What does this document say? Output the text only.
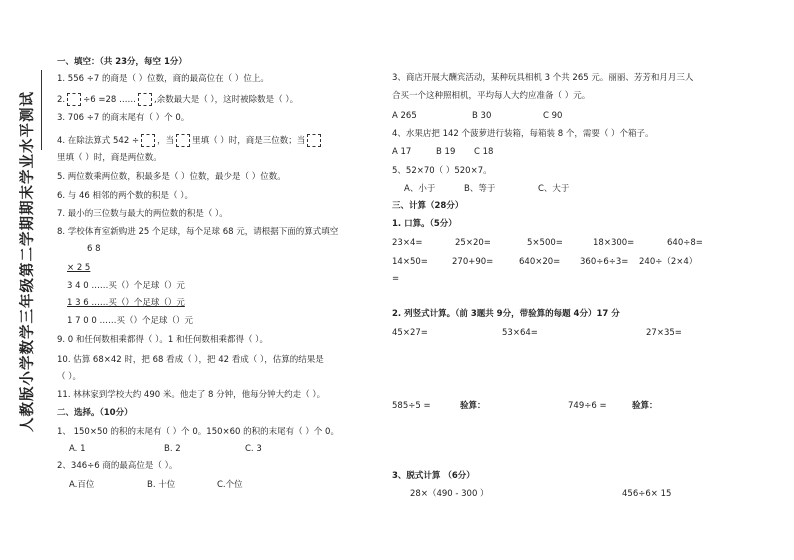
人教版小学数学三年级第二学期期末学业水平测试
一、填空：（共 23分，每空 1分）
1. 556 ÷7 的商是（ ）位数，商的最高位在（ ）位上。
2. ÷6 =28 …… ,余数最大是（ ），这时被除数是（ ）。
3. 706 ÷7 的商末尾有（ ）个 0。
4. 在除法算式 542 ÷ ，当 里填（ ）时，商是三位数；当
里填（ ）时，商是两位数。
5. 两位数乘两位数，积最多是（ ）位数，最少是（ ）位数。
6. 与 46 相邻的两个数的积是（ ）。
7. 最小的三位数与最大的两位数的积是（ ）。
8. 学校体育室新购进 25 个足球，每个足球 68 元，请根据下面的算式填空
6 8
× 2 5
3 4 0 ……买（）个足球（）元
1 3 6 ……买（）个足球（）元
1 7 0 0 ……买（）个足球（）元
9. 0 和任何数相乘都得（ ）。1 和任何数相乘都得（ ）。
10. 估算 68×42 时，把 68 看成（ ），把 42 看成（ ），估算的结果是
（ ）。
11. 林林家到学校大约 490 米。他走了 8 分钟，他每分钟大约走（ ）。
二、选择。（10分）
1、 150×50 的积的末尾有（ ）个 0。150×60 的积的末尾有（ ）个 0。
A. 1	B. 2	C. 3
2、346÷6 商的最高位是（ ）。
A.百位	B. 十位	C.个位
3、商店开展大酬宾活动，某种玩具相机 3 个共 265 元。丽丽、芳芳和月月三人
合买一个这种照相机，平均每人大约应准备（ ）元。
A 265	B 30	C 90
4、水果店把 142 个菠萝进行装箱，每箱装 8 个，需要（ ）个箱子。
A 17	B 19 C 18
5、52×70（ ）520×7。
A、小于	B、等于	C、大于
三、计算（28分）
1. 口算。（5分）
23×4=	25×20=	5×500=	18×300=	640÷8=
14×50=	270+90=	640×20= 360÷6÷3= 240÷（2×4）
=
2. 列竖式计算。（前 3题共 9分，带验算的每题 4分）17 分
45×27=	53×64=	27×35=
585÷5 =	验算：	749÷6 =	验算：
3、脱式计算 （6分）
28×（490 - 300 ）	456÷6× 15
